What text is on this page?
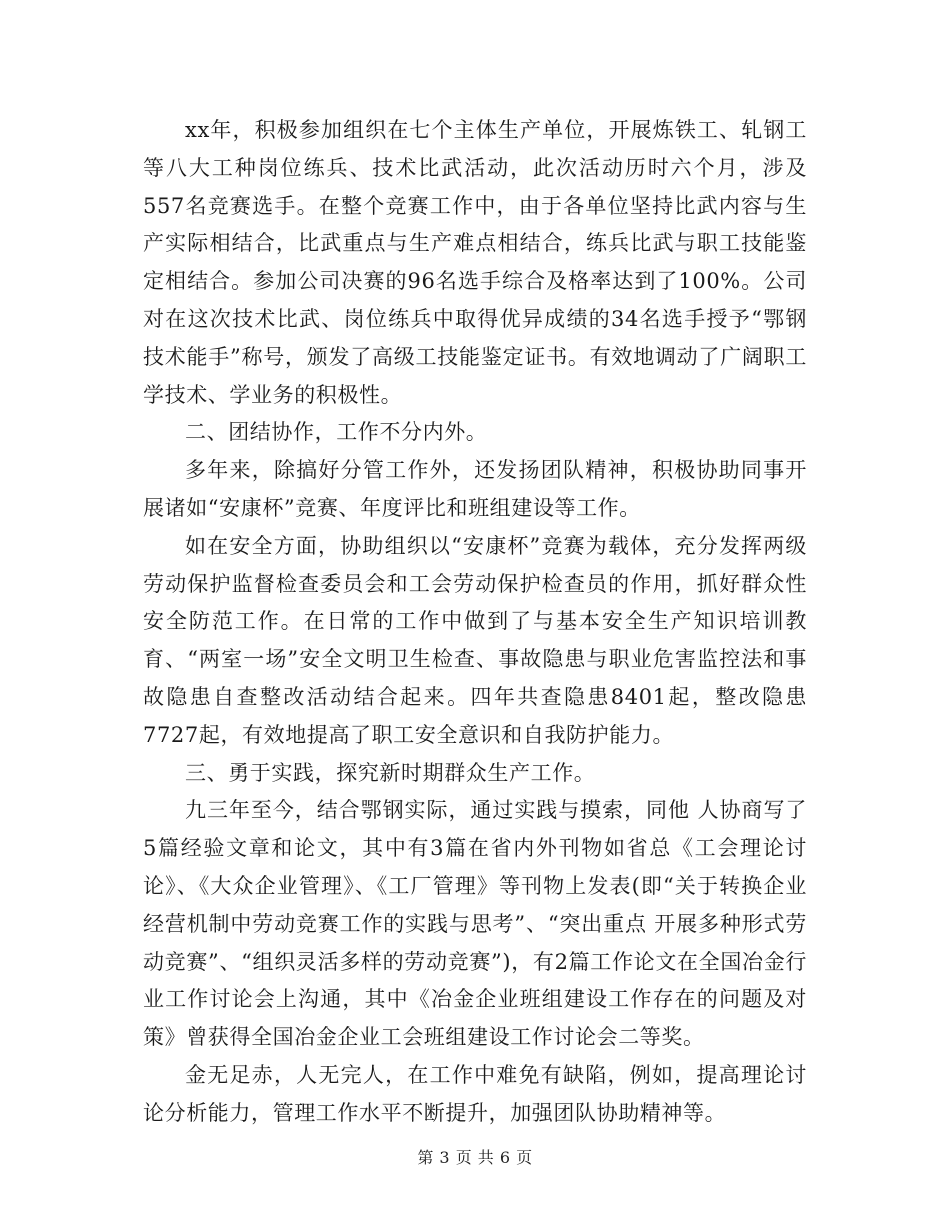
xx年，积极参加组织在七个主体生产单位，开展炼铁工、轧钢工等八大工种岗位练兵、技术比武活动，此次活动历时六个月，涉及557名竞赛选手。在整个竞赛工作中，由于各单位坚持比武内容与生产实际相结合，比武重点与生产难点相结合，练兵比武与职工技能鉴定相结合。参加公司决赛的96名选手综合及格率达到了100%。公司对在这次技术比武、岗位练兵中取得优异成绩的34名选手授予“鄂钢技术能手”称号，颁发了高级工技能鉴定证书。有效地调动了广阔职工学技术、学业务的积极性。

二、团结协作，工作不分内外。

多年来，除搞好分管工作外，还发扬团队精神，积极协助同事开展诸如“安康杯”竞赛、年度评比和班组建设等工作。

如在安全方面，协助组织以“安康杯”竞赛为载体，充分发挥两级劳动保护监督检查委员会和工会劳动保护检查员的作用，抓好群众性安全防范工作。在日常的工作中做到了与基本安全生产知识培训教育、“两室一场”安全文明卫生检查、事故隐患与职业危害监控法和事故隐患自查整改活动结合起来。四年共查隐患8401起，整改隐患7727起，有效地提高了职工安全意识和自我防护能力。

三、勇于实践，探究新时期群众生产工作。

九三年至今，结合鄂钢实际，通过实践与摸索，同他 人协商写了5篇经验文章和论文，其中有3篇在省内外刊物如省总《工会理论讨论》、《大众企业管理》、《工厂管理》等刊物上发表(即“关于转换企业经营机制中劳动竞赛工作的实践与思考”、“突出重点 开展多种形式劳动竞赛”、“组织灵活多样的劳动竞赛”)，有2篇工作论文在全国冶金行业工作讨论会上沟通，其中《冶金企业班组建设工作存在的问题及对策》曾获得全国冶金企业工会班组建设工作讨论会二等奖。

金无足赤，人无完人，在工作中难免有缺陷，例如，提高理论讨论分析能力，管理工作水平不断提升，加强团队协助精神等。

第 3 页 共 6 页
